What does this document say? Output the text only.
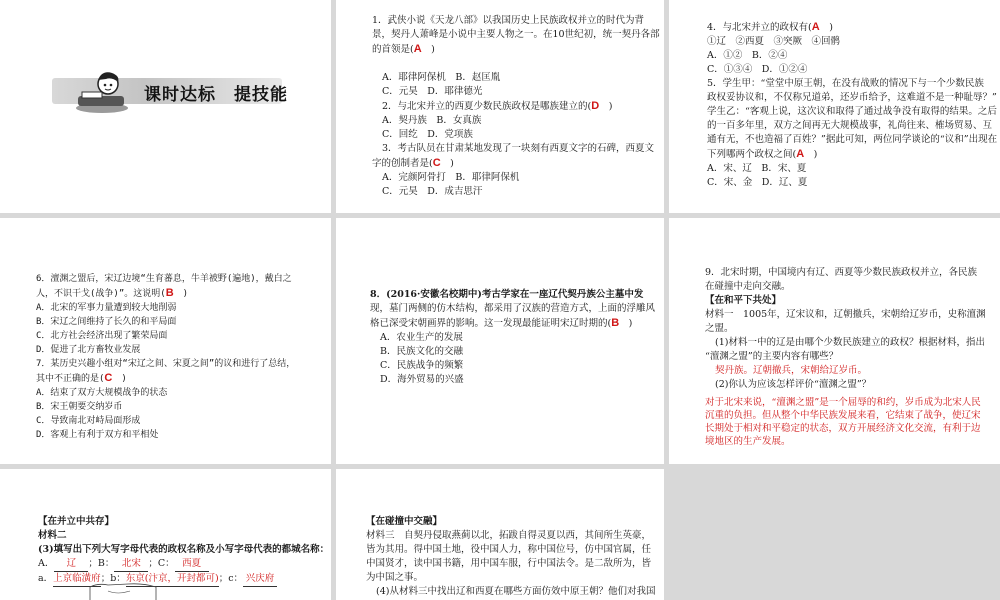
课时达标　提技能
1．武侠小说《天龙八部》以我国历史上民族政权并立的时代为背
景，契丹人萧峰是小说中主要人物之一。在10世纪初，统一契丹各部
的首领是(A　)
A．耶律阿保机　B．赵匡胤
C．元昊　D．耶律德光
2．与北宋并立的西夏少数民族政权是哪族建立的(D　)
A．契丹族　B．女真族
C．回纥　D．党项族
3．考古队员在甘肃某地发现了一块刻有西夏文字的石碑，西夏文
字的创制者是(C　)
A．完颜阿骨打　B．耶律阿保机
C．元昊　D．成吉思汗
4．与北宋并立的政权有(A　)
①辽　②西夏　③突厥　④回鹘
A．①②　B．②④
C．①③④　D．①②④
5．学生甲：“堂堂中原王朝，在没有战败的情况下与一个少数民族
政权妥协议和，不仅称兄道弟，还岁币给予，这难道不是一种耻辱？”
学生乙：“客观上说，这次议和取得了通过战争没有取得的结果。之后
的一百多年里，双方之间再无大规模战事，礼尚往来、榷场贸易、互
通有无，不也造福了百姓？”据此可知，两位同学谈论的“议和”出现在
下列哪两个政权之间(A　)
A．宋、辽　B．宋、夏
C．宋、金　D．辽、夏
6．澶渊之盟后，宋辽边境“生育蕃息，牛羊被野(遍地)，戴白之
人，不识干戈(战争)”。这说明(B　)
A．北宋的军事力量遭到较大地削弱
B．宋辽之间维持了长久的和平局面
C．北方社会经济出现了繁荣局面
D．促进了北方畜牧业发展
7．某历史兴趣小组对“宋辽之间、宋夏之间”的议和进行了总结，
其中不正确的是(C　)
A．结束了双方大规模战争的状态
B．宋王朝要交纳岁币
C．导致南北对峙局面形成
D．客观上有利于双方和平相处
8．(2016·安徽名校期中)考古学家在一座辽代契丹族公主墓中发
现，墓门两侧的仿木结构，都采用了汉族的营造方式，上面的浮雕风
格已深受宋朝画界的影响。这一发现最能证明宋辽时期的(B　)
A．农业生产的发展
B．民族文化的交融
C．民族战争的频繁
D．海外贸易的兴盛
9．北宋时期，中国境内有辽、西夏等少数民族政权并立，各民族
在碰撞中走向交融。
【在和平下共处】
材料一　1005年，辽宋议和，辽朝撤兵，宋朝给辽岁币，史称澶渊
之盟。
(1)材料一中的辽是由哪个少数民族建立的政权？根据材料，指出
“澶渊之盟”的主要内容有哪些？
契丹族。辽朝撤兵，宋朝给辽岁币。
(2)你认为应该怎样评价“澶渊之盟”？
对于北宋来说，“澶渊之盟”是一个屈辱的和约，岁币成为北宋人民沉重的负担。但从整个中华民族发展来看，它结束了战争，使辽宋长期处于相对和平稳定的状态，双方开展经济文化交流，有利于边境地区的生产发展。
【在并立中共存】
材料二
(3)填写出下列大写字母代表的政权名称及小写字母代表的都城名称：
A． 辽 ；B： 北宋 ；C： 西夏
a．上京临潢府；b：东京(汴京，开封都可)；c： 兴庆府
【在碰撞中交融】
材料三　自契丹侵取燕蓟以北，拓跋自得灵夏以西，其间所生英豪，
皆为其用。得中国土地，役中国人力，称中国位号，仿中国官属，任
中国贤才，读中国书籍，用中国车服，行中国法令。是二敌所为，皆
为中国之事。
(4)从材料三中找出辽和西夏在哪些方面仿效中原王朝？他们对我国
